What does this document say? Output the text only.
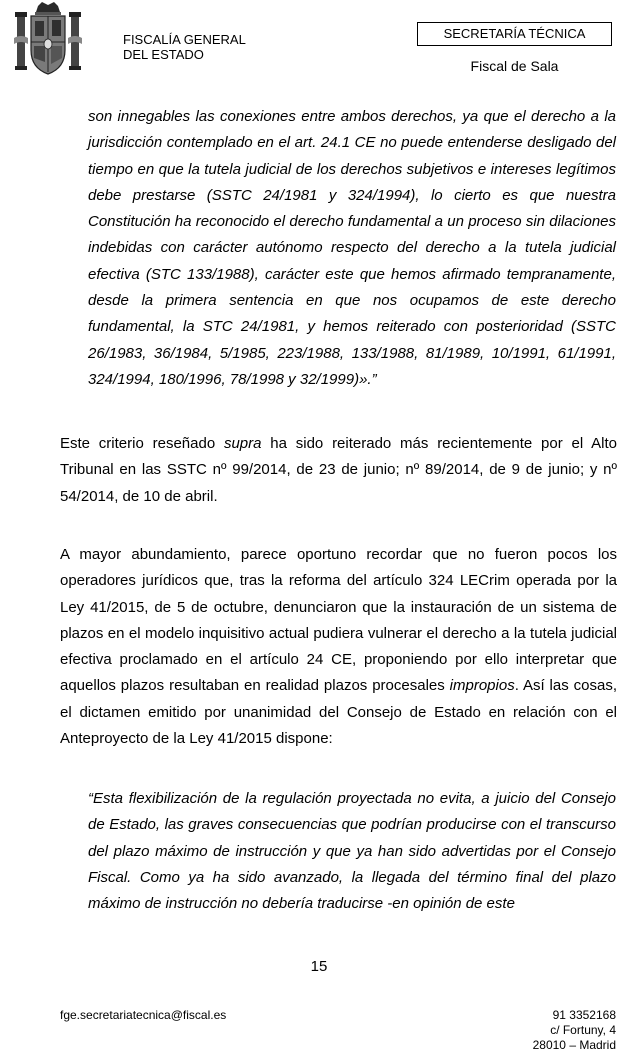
FISCALÍA GENERAL
DEL ESTADO
SECRETARÍA TÉCNICA
Fiscal de Sala

son innegables las conexiones entre ambos derechos, ya que el derecho a la jurisdicción contemplado en el art. 24.1 CE no puede entenderse desligado del tiempo en que la tutela judicial de los derechos subjetivos e intereses legítimos debe prestarse (SSTC 24/1981 y 324/1994), lo cierto es que nuestra Constitución ha reconocido el derecho fundamental a un proceso sin dilaciones indebidas con carácter autónomo respecto del derecho a la tutela judicial efectiva (STC 133/1988), carácter este que hemos afirmado tempranamente, desde la primera sentencia en que nos ocupamos de este derecho fundamental, la STC 24/1981, y hemos reiterado con posterioridad (SSTC 26/1983, 36/1984, 5/1985, 223/1988, 133/1988, 81/1989, 10/1991, 61/1991, 324/1994, 180/1996, 78/1998 y 32/1999)».”

Este criterio reseñado supra ha sido reiterado más recientemente por el Alto Tribunal en las SSTC nº 99/2014, de 23 de junio; nº 89/2014, de 9 de junio; y nº 54/2014, de 10 de abril.

A mayor abundamiento, parece oportuno recordar que no fueron pocos los operadores jurídicos que, tras la reforma del artículo 324 LECrim operada por la Ley 41/2015, de 5 de octubre, denunciaron que la instauración de un sistema de plazos en el modelo inquisitivo actual pudiera vulnerar el derecho a la tutela judicial efectiva proclamado en el artículo 24 CE, proponiendo por ello interpretar que aquellos plazos resultaban en realidad plazos procesales impropios. Así las cosas, el dictamen emitido por unanimidad del Consejo de Estado en relación con el Anteproyecto de la Ley 41/2015 dispone:

“Esta flexibilización de la regulación proyectada no evita, a juicio del Consejo de Estado, las graves consecuencias que podrían producirse con el transcurso del plazo máximo de instrucción y que ya han sido advertidas por el Consejo Fiscal. Como ya ha sido avanzado, la llegada del término final del plazo máximo de instrucción no debería traducirse -en opinión de este

15
fge.secretariatecnica@fiscal.es	91 3352168
c/ Fortuny, 4
28010 – Madrid
